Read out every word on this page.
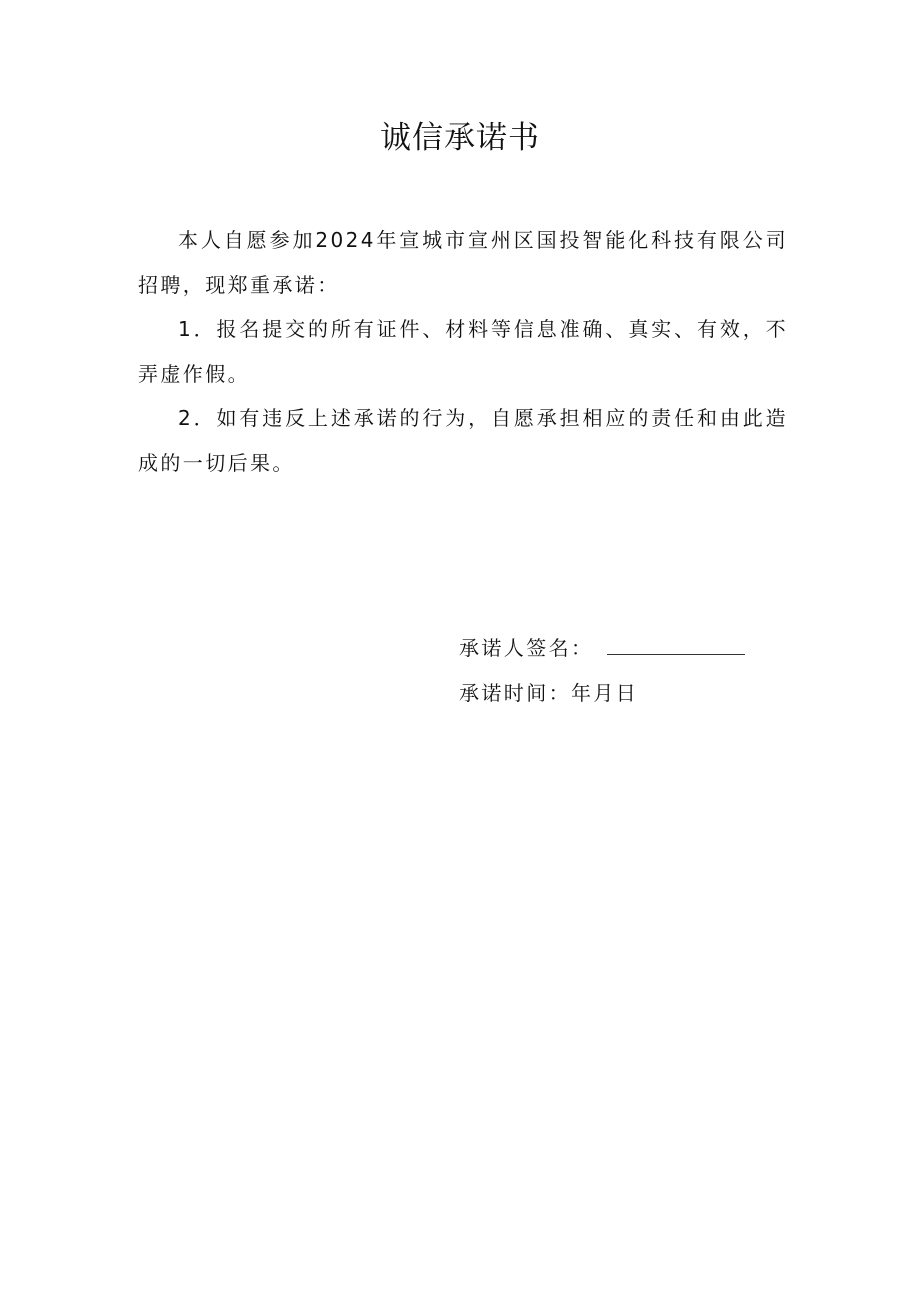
诚信承诺书

本人自愿参加2024年宣城市宣州区国投智能化科技有限公司招聘，现郑重承诺：

1．报名提交的所有证件、材料等信息准确、真实、有效，不弄虚作假。

2．如有违反上述承诺的行为，自愿承担相应的责任和由此造成的一切后果。

承诺人签名：
承诺时间：年月日
